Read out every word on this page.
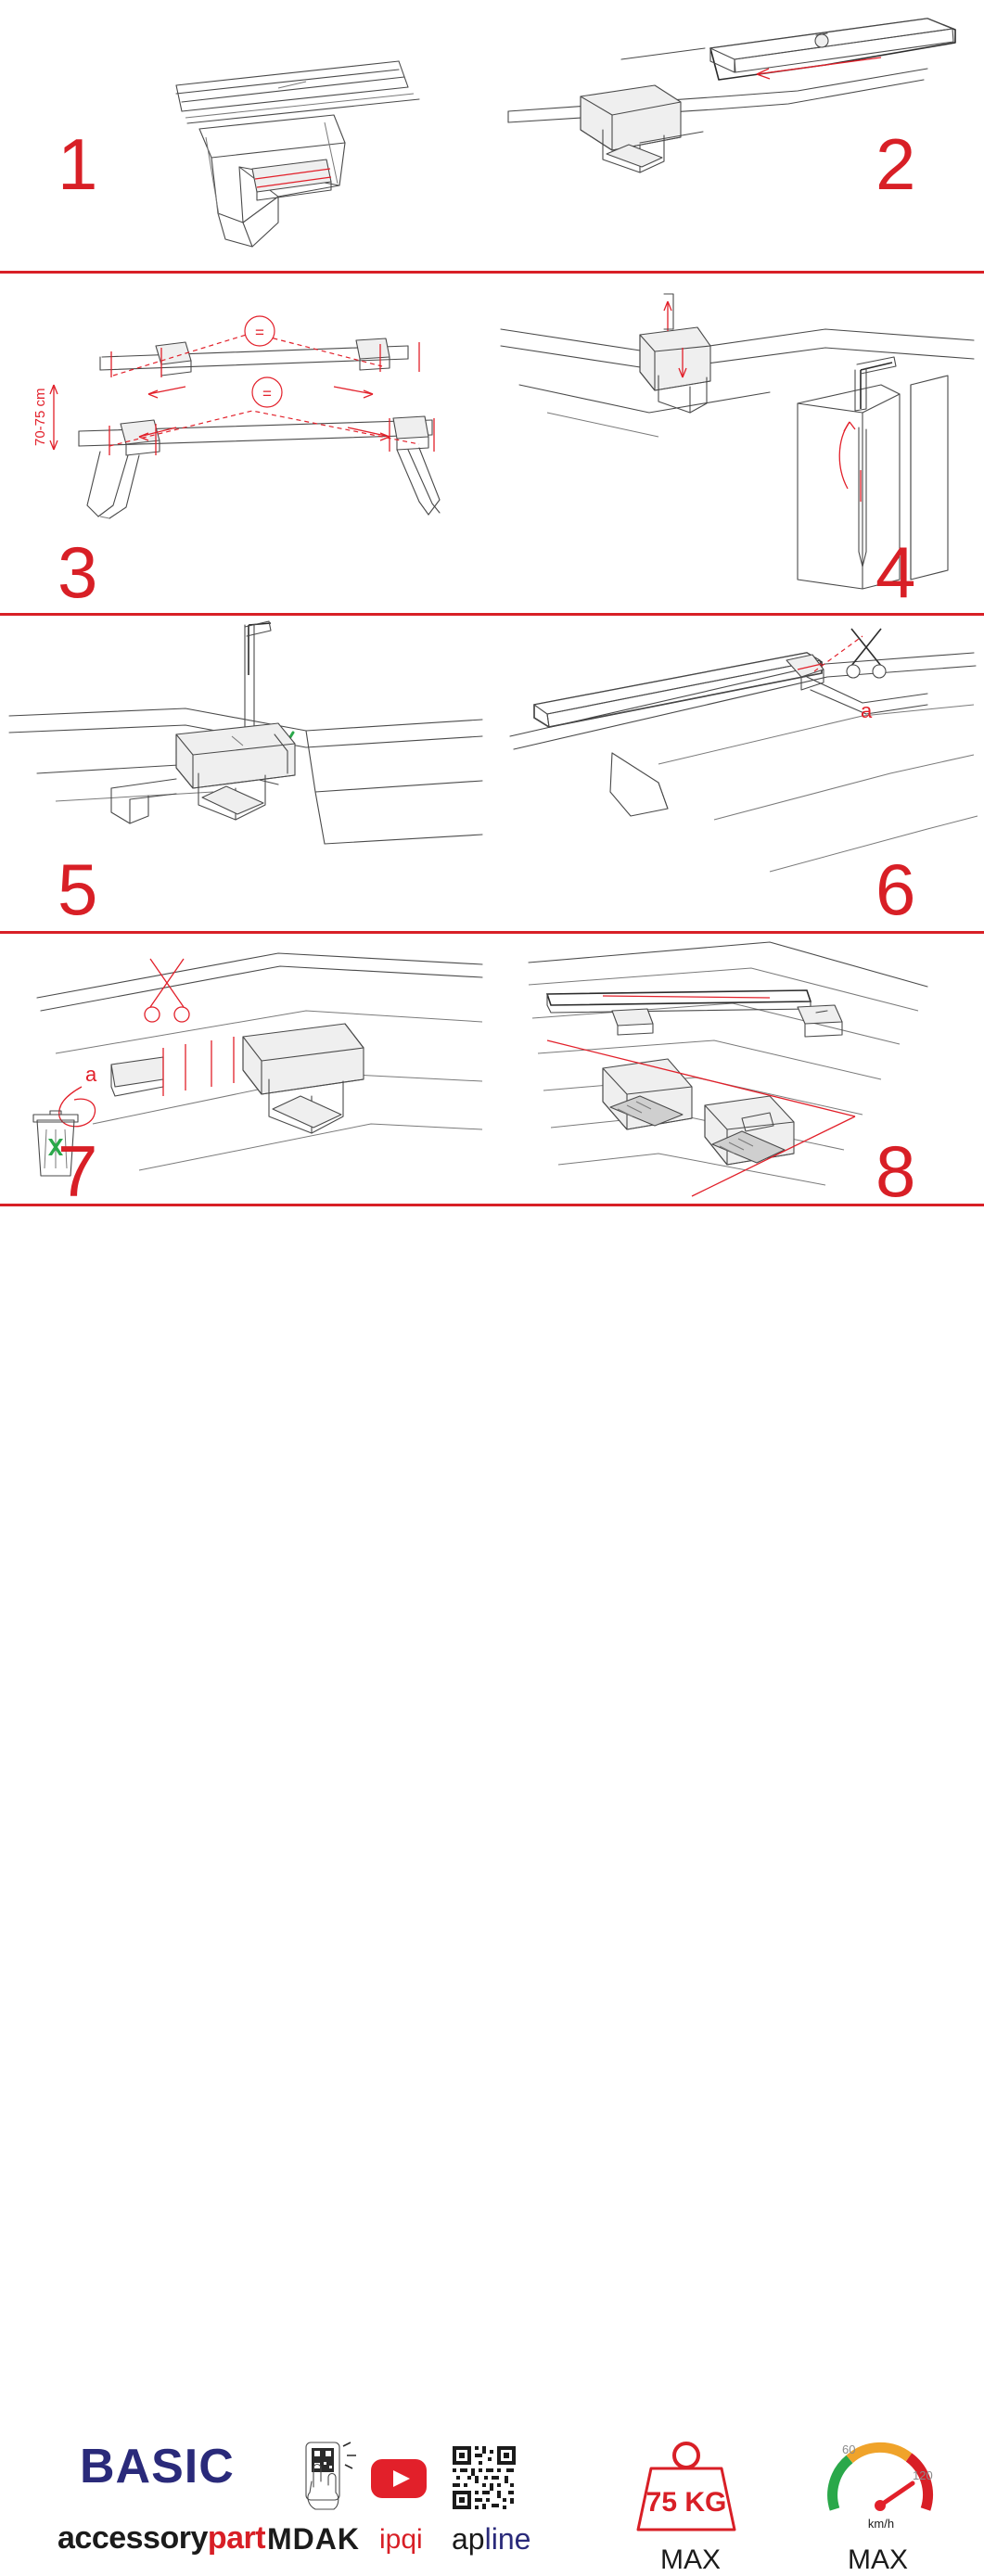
1	2
=
=
70-75 cm
3	4
5
a
6
a
7	8
BASIC
accessorypart MDAK ipqi apline
75 KG
MAX
60
120
km/h
MAX
